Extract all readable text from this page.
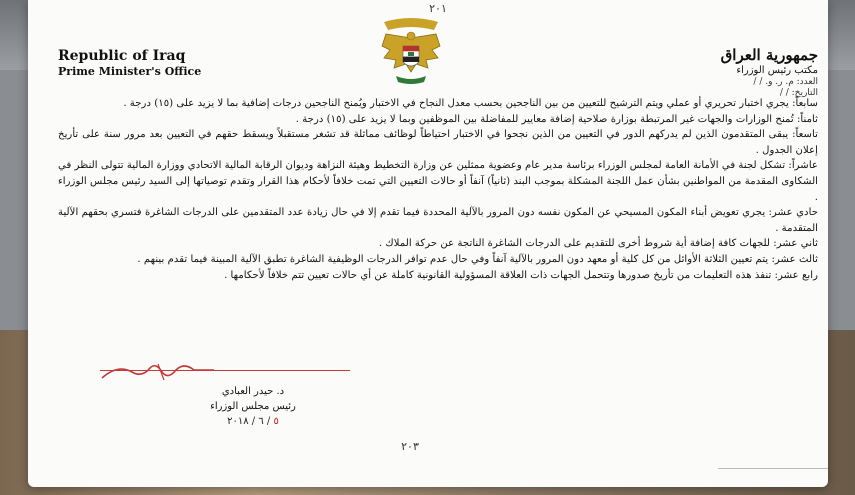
٢٠١
Republic of Iraq
Prime Minister's Office
جمهورية العراق
مكتب رئيس الوزراء
العدد: م. ر. و. / /
التاريخ: / /

سابعاً: يجري اختبار تحريري أو عملي ويتم الترشيح للتعيين من بين الناجحين بحسب معدل النجاح في الاختبار ويُمنح الناجحين درجات إضافية بما لا يزيد على (١٥) درجة .

ثامناً: تُمنح الوزارات والجهات غير المرتبطة بوزارة صلاحية إضافة معايير للمفاضلة بين الموظفين وبما لا يزيد على (١٥) درجة .

تاسعاً: يبقى المتقدمون الذين لم يدركهم الدور في التعيين من الذين نجحوا في الاختبار احتياطاً لوظائف مماثلة قد تشغر مستقبلاً ويسقط حقهم في التعيين بعد مرور سنة على تأريخ إعلان الجدول .

عاشراً: تشكل لجنة في الأمانة العامة لمجلس الوزراء برئاسة مدير عام وعضوية ممثلين عن وزارة التخطيط وهيئة النزاهة وديوان الرقابة المالية الاتحادي ووزارة المالية تتولى النظر في الشكاوى المقدمة من المواطنين بشأن عمل اللجنة المشكلة بموجب البند (ثانياً) آنفاً أو حالات التعيين التي تمت خلافاً لأحكام هذا القرار وتقدم توصياتها إلى السيد رئيس مجلس الوزراء .

حادي عشر: يجري تعويض أبناء المكون المسيحي عن المكون نفسه دون المرور بالآلية المحددة فيما تقدم إلا في حال زيادة عدد المتقدمين على الدرجات الشاغرة فتسري بحقهم الآلية المتقدمة .

ثاني عشر: للجهات كافة إضافة أية شروط أخرى للتقديم على الدرجات الشاغرة الناتجة عن حركة الملاك .

ثالث عشر: يتم تعيين الثلاثة الأوائل من كل كلية أو معهد دون المرور بالآلية آنفاً وفي حال عدم توافر الدرجات الوظيفية الشاغرة تطبق الآلية المبينة فيما تقدم بينهم .

رابع عشر: تنفذ هذه التعليمات من تأريخ صدورها وتتحمل الجهات ذات العلاقة المسؤولية القانونية كاملة عن أي حالات تعيين تتم خلافاً لأحكامها .

د. حيدر العبادي
رئيس مجلس الوزراء
٥ / ٦ / ٢٠١٨
٢٠٣
